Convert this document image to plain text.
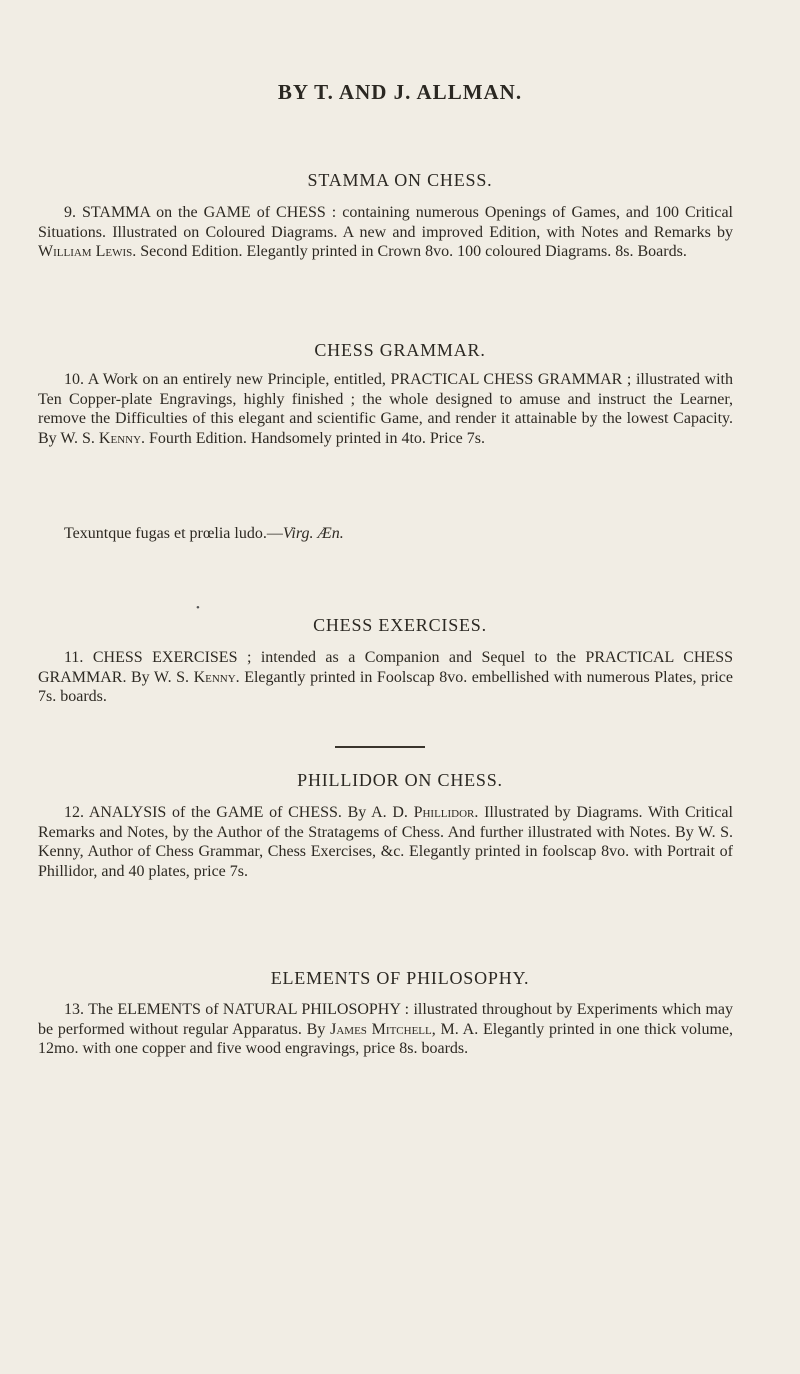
BY T. AND J. ALLMAN.
STAMMA ON CHESS.
9. STAMMA on the GAME of CHESS : containing numerous Openings of Games, and 100 Critical Situations. Illustrated on Coloured Diagrams. A new and improved Edition, with Notes and Remarks by William Lewis. Second Edition. Elegantly printed in Crown 8vo. 100 coloured Diagrams. 8s. Boards.
CHESS GRAMMAR.
10. A Work on an entirely new Principle, entitled, PRACTICAL CHESS GRAMMAR ; illustrated with Ten Copper-plate Engravings, highly finished ; the whole designed to amuse and instruct the Learner, remove the Difficulties of this elegant and scientific Game, and render it attainable by the lowest Capacity. By W. S. Kenny. Fourth Edition. Handsomely printed in 4to. Price 7s.
Texuntque fugas et prœlia ludo.—Virg. Æn.
•
CHESS EXERCISES.
11. CHESS EXERCISES ; intended as a Companion and Sequel to the PRACTICAL CHESS GRAMMAR. By W. S. Kenny. Elegantly printed in Foolscap 8vo. embellished with numerous Plates, price 7s. boards.
PHILLIDOR ON CHESS.
12. ANALYSIS of the GAME of CHESS. By A. D. Phillidor. Illustrated by Diagrams. With Critical Remarks and Notes, by the Author of the Stratagems of Chess. And further illustrated with Notes. By W. S. Kenny, Author of Chess Grammar, Chess Exercises, &c. Elegantly printed in foolscap 8vo. with Portrait of Phillidor, and 40 plates, price 7s.
ELEMENTS OF PHILOSOPHY.
13. The ELEMENTS of NATURAL PHILOSOPHY : illustrated throughout by Experiments which may be performed without regular Apparatus. By James Mitchell, M. A. Elegantly printed in one thick volume, 12mo. with one copper and five wood engravings, price 8s. boards.
